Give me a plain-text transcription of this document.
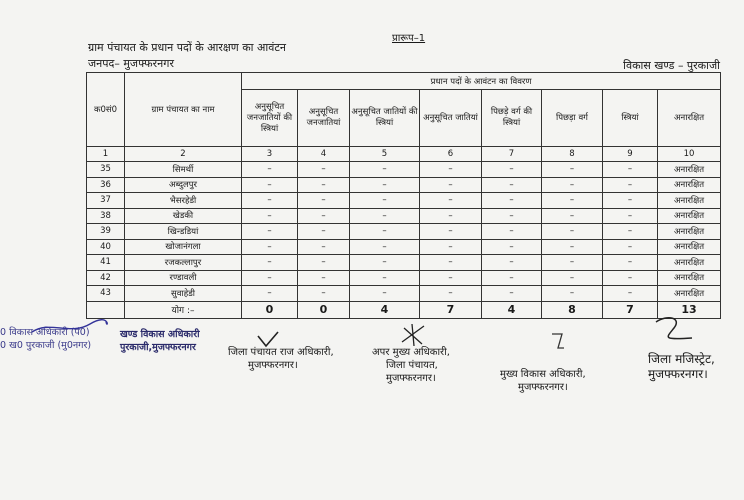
प्रारूप–1
ग्राम पंचायत के प्रधान पदों के आरक्षण का आवंटन
जनपद– मुजफ्फरनगर	विकास खण्ड – पुरकाजी
क0सं0	ग्राम पंचायत का नाम	प्रधान पदों के आवंटन का विवरण							
		अनुसूचित जनजातियों की स्त्रियां	अनुसूचित जनजातियां	अनुसूचित जातियों की स्त्रियां	अनुसूचित जातियां	पिछड़े वर्ग की स्त्रियां	पिछड़ा वर्ग	स्त्रियां	अनारक्षित
1	2	3	4	5	6	7	8	9	10
35	सिमर्थी	–	–	–	–	–	–	–	अनारक्षित
36	अब्दुलपुर	–	–	–	–	–	–	–	अनारक्षित
37	भैसरहेडी	–	–	–	–	–	–	–	अनारक्षित
38	खेडकी	–	–	–	–	–	–	–	अनारक्षित
39	खिन्डडियां	–	–	–	–	–	–	–	अनारक्षित
40	खोजानंगला	–	–	–	–	–	–	–	अनारक्षित
41	रजकल्लापुर	–	–	–	–	–	–	–	अनारक्षित
42	रण्डावली	–	–	–	–	–	–	–	अनारक्षित
43	सुवाहेडी	–	–	–	–	–	–	–	अनारक्षित
	योग :–	0	0	4	7	4	8	7	13
0 विकास अधिकारी (पं0)
0 ख0 पुरकाजी (मु0नगर)
खण्ड विकास अधिकारी
पुरकाजी,मुजफ्फरनगर	जिला पंचायत राज अधिकारी,
मुजफ्फरनगर।
अपर मुख्य अधिकारी,
जिला पंचायत,
मुजफ्फरनगर।	मुख्य विकास अधिकारी,
मुजफ्फरनगर।
जिला मजिस्ट्रेट,
मुजफ्फरनगर।
